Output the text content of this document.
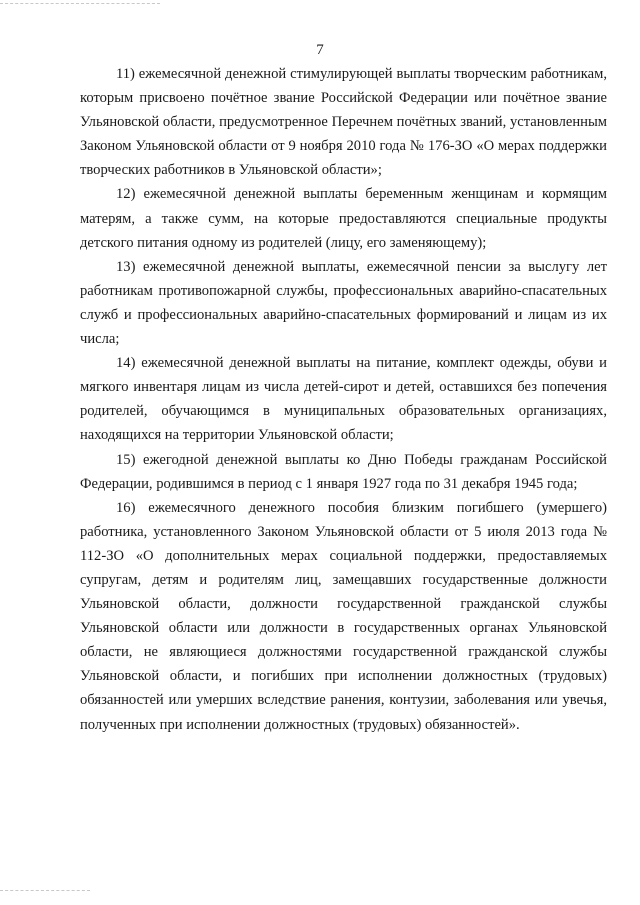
7

11) ежемесячной денежной стимулирующей выплаты творческим работникам, которым присвоено почётное звание Российской Федерации или почётное звание Ульяновской области, предусмотренное Перечнем почётных званий, установленным Законом Ульяновской области от 9 ноября 2010 года № 176-ЗО «О мерах поддержки творческих работников в Ульяновской области»;

12) ежемесячной денежной выплаты беременным женщинам и кормящим матерям, а также сумм, на которые предоставляются специальные продукты детского питания одному из родителей (лицу, его заменяющему);

13) ежемесячной денежной выплаты, ежемесячной пенсии за выслугу лет работникам противопожарной службы, профессиональных аварийно-спасательных служб и профессиональных аварийно-спасательных формирований и лицам из их числа;

14) ежемесячной денежной выплаты на питание, комплект одежды, обуви и мягкого инвентаря лицам из числа детей-сирот и детей, оставшихся без попечения родителей, обучающимся в муниципальных образовательных организациях, находящихся на территории Ульяновской области;

15) ежегодной денежной выплаты ко Дню Победы гражданам Российской Федерации, родившимся в период с 1 января 1927 года по 31 декабря 1945 года;

16) ежемесячного денежного пособия близким погибшего (умершего) работника, установленного Законом Ульяновской области от 5 июля 2013 года № 112-ЗО «О дополнительных мерах социальной поддержки, предоставляемых супругам, детям и родителям лиц, замещавших государственные должности Ульяновской области, должности государственной гражданской службы Ульяновской области или должности в государственных органах Ульяновской области, не являющиеся должностями государственной гражданской службы Ульяновской области, и погибших при исполнении должностных (трудовых) обязанностей или умерших вследствие ранения, контузии, заболевания или увечья, полученных при исполнении должностных (трудовых) обязанностей».
